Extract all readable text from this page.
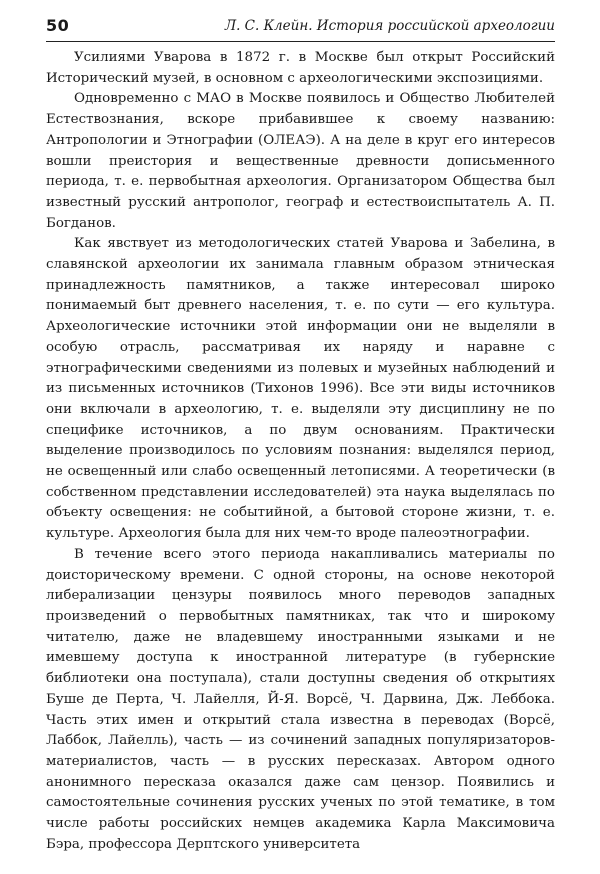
50	Л. С. Клейн. История российской археологии

Усилиями Уварова в 1872 г. в Москве был открыт Российский Исторический музей, в основном с археологическими экспозициями.

Одновременно с МАО в Москве появилось и Общество Любителей Естествознания, вскоре прибавившее к своему названию: Антропологии и Этнографии (ОЛЕАЭ). А на деле в круг его интересов вошли преистория и вещественные древности дописьменного периода, т. е. первобытная археология. Организатором Общества был известный русский антрополог, географ и естествоиспытатель А. П. Богданов.

Как явствует из методологических статей Уварова и Забелина, в славянской археологии их занимала главным образом этническая принадлежность памятников, а также интересовал широко понимаемый быт древнего населения, т. е. по сути — его культура. Археологические источники этой информации они не выделяли в особую отрасль, рассматривая их наряду и наравне с этнографическими сведениями из полевых и музейных наблюдений и из письменных источников (Тихонов 1996). Все эти виды источников они включали в археологию, т. е. выделяли эту дисциплину не по специфике источников, а по двум основаниям. Практически выделение производилось по условиям познания: выделялся период, не освещенный или слабо освещенный летописями. А теоретически (в собственном представлении исследователей) эта наука выделялась по объекту освещения: не событийной, а бытовой стороне жизни, т. е. культуре. Археология была для них чем-то вроде палеоэтнографии.

В течение всего этого периода накапливались материалы по доисторическому времени. С одной стороны, на основе некоторой либерализации цензуры появилось много переводов западных произведений о первобытных памятниках, так что и широкому читателю, даже не владевшему иностранными языками и не имевшему доступа к иностранной литературе (в губернские библиотеки она поступала), стали доступны сведения об открытиях Буше де Перта, Ч. Лайелля, Й-Я. Ворсё, Ч. Дарвина, Дж. Леббока. Часть этих имен и открытий стала известна в переводах (Ворсё, Лаббок, Лайелль), часть — из сочинений западных популяризаторов-материалистов, часть — в русских пересказах. Автором одного анонимного пересказа оказался даже сам цензор. Появились и самостоятельные сочинения русских ученых по этой тематике, в том числе работы российских немцев академика Карла Максимовича Бэра, профессора Дерптского университета
